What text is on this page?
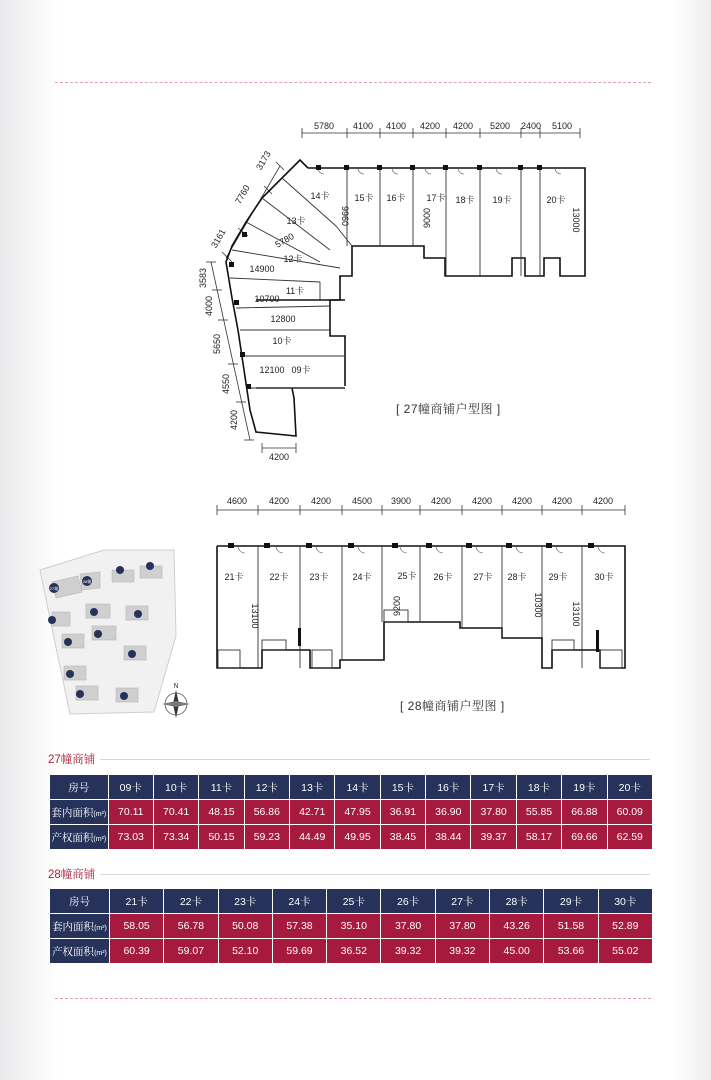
5780 4100 4100 4200 4200 5200 2400 5100
3161
7760
3173
3583
4000
5650
4550
4200
4200
5780
14900
10700
12800
12100
9960	9000	13000
14卡
13卡
12卡
11卡
10卡
09卡
15卡 16卡 17卡 18卡 19卡	20卡
[ 27幢商铺户型图 ]
4600 4200 4200 4500 3900 4200 4200 4200 4200 4200
13100	9200	10300	13100
21卡	22卡 23卡	24卡	25卡 26卡 27卡 28卡 29卡	30卡
[ 28幢商铺户型图 ]
27幢
28幢
N
27幢商铺
房号	09卡	10卡	11卡	12卡	13卡	14卡	15卡	16卡	17卡	18卡	19卡	20卡
套内面积(m²)	70.11	70.41	48.15	56.86	42.71	47.95	36.91	36.90	37.80	55.85	66.88	60.09
产权面积(m²)	73.03	73.34	50.15	59.23	44.49	49.95	38.45	38.44	39.37	58.17	69.66	62.59
28幢商铺
房号	21卡	22卡	23卡	24卡	25卡	26卡	27卡	28卡	29卡	30卡
套内面积(m²)	58.05	56.78	50.08	57.38	35.10	37.80	37.80	43.26	51.58	52.89
产权面积(m²)	60.39	59.07	52.10	59.69	36.52	39.32	39.32	45.00	53.66	55.02
